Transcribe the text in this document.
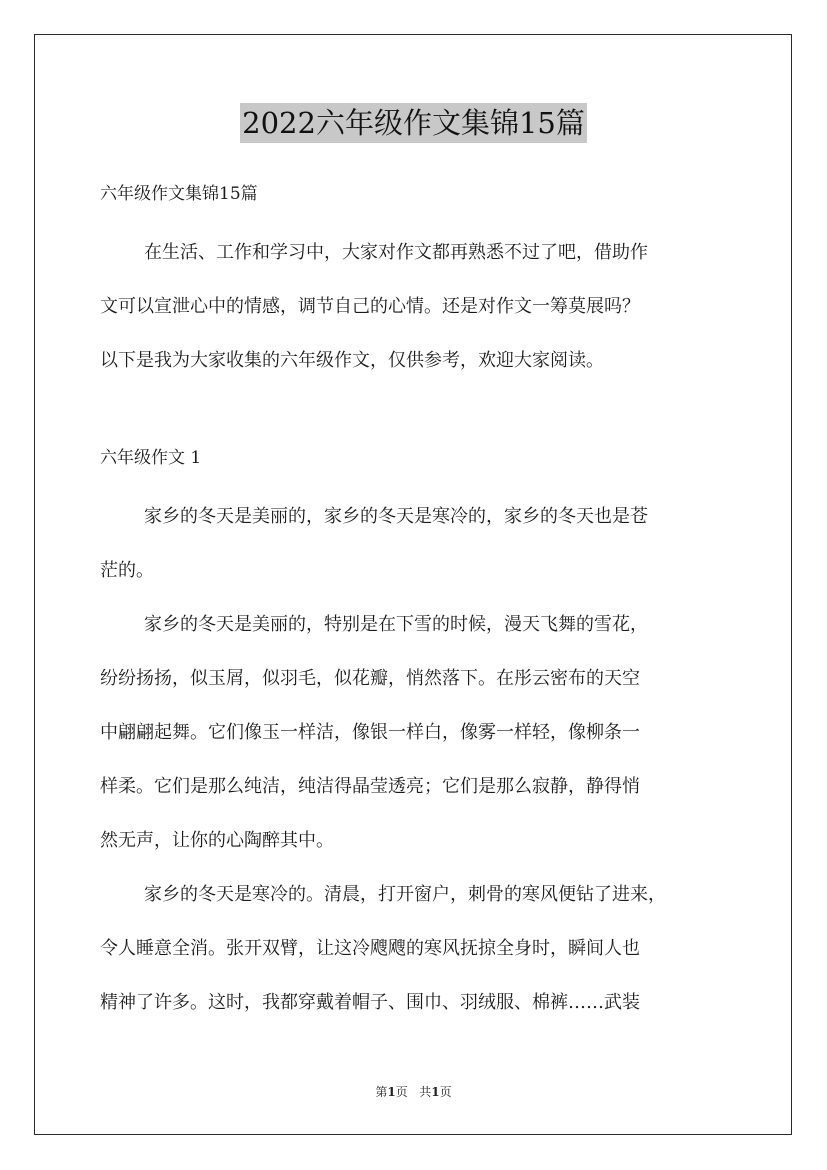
2022六年级作文集锦15篇

六年级作文集锦15篇

在生活、工作和学习中，大家对作文都再熟悉不过了吧，借助作

文可以宣泄心中的情感，调节自己的心情。还是对作文一筹莫展吗？

以下是我为大家收集的六年级作文，仅供参考，欢迎大家阅读。

六年级作文 1

家乡的冬天是美丽的，家乡的冬天是寒冷的，家乡的冬天也是苍

茫的。

家乡的冬天是美丽的，特别是在下雪的时候，漫天飞舞的雪花，

纷纷扬扬，似玉屑，似羽毛，似花瓣，悄然落下。在彤云密布的天空

中翩翩起舞。它们像玉一样洁，像银一样白，像雾一样轻，像柳条一

样柔。它们是那么纯洁，纯洁得晶莹透亮；它们是那么寂静，静得悄

然无声，让你的心陶醉其中。

家乡的冬天是寒冷的。清晨，打开窗户，刺骨的寒风便钻了进来，

令人睡意全消。张开双臂，让这冷飕飕的寒风抚掠全身时，瞬间人也

精神了许多。这时，我都穿戴着帽子、围巾、羽绒服、棉裤……武装

第1页 共1页
